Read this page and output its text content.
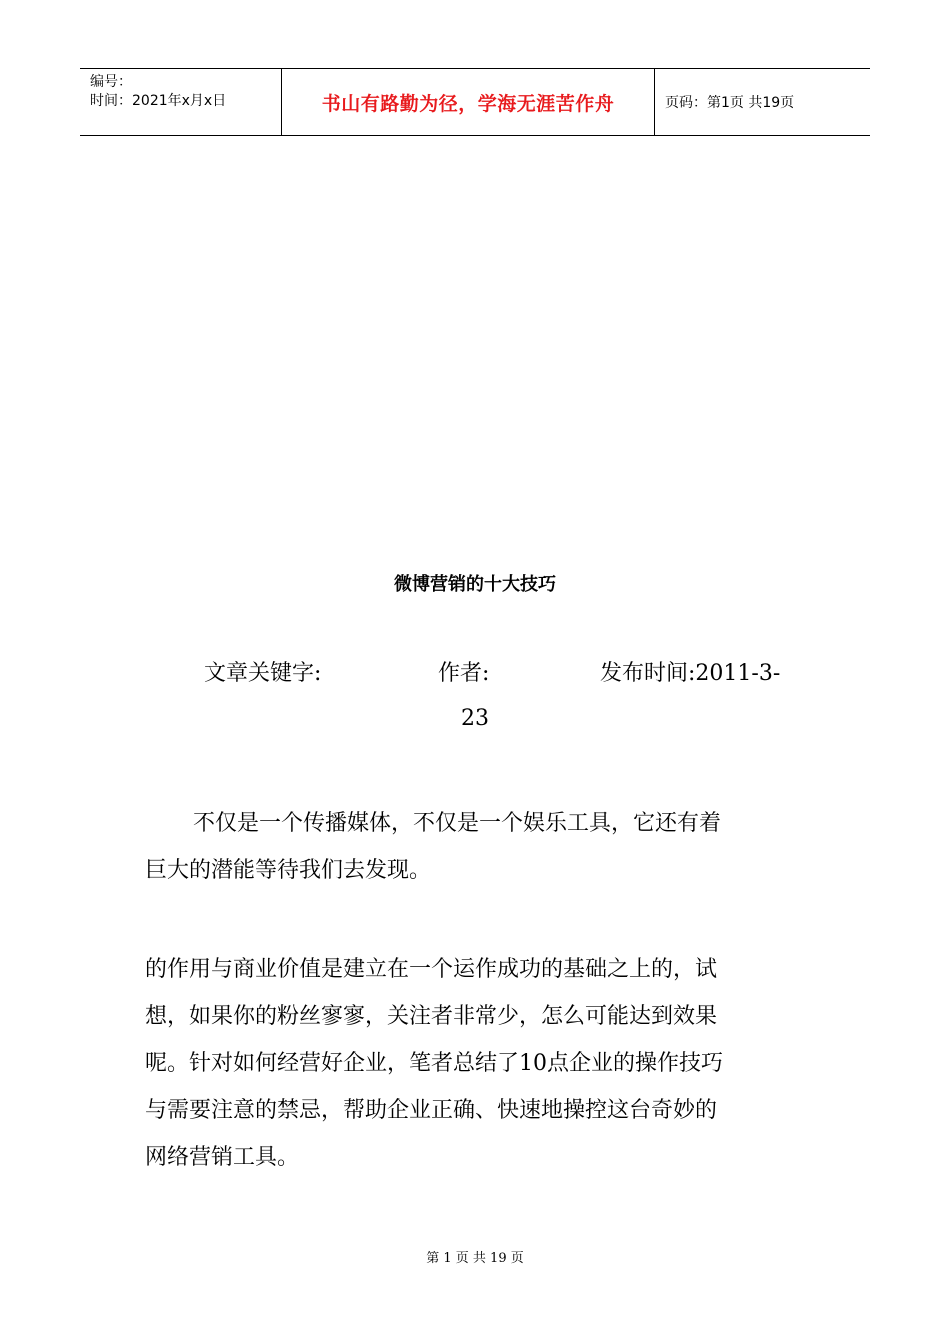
编号：
时间：2021年x月x日	书山有路勤为径，学海无涯苦作舟	页码：第1页 共19页
微博营销的十大技巧
文章关键字:	作者:	发布时间:2011-3-
23
不仅是一个传播媒体，不仅是一个娱乐工具，它还有着
巨大的潜能等待我们去发现。
的作用与商业价值是建立在一个运作成功的基础之上的，试
想，如果你的粉丝寥寥，关注者非常少，怎么可能达到效果
呢。针对如何经营好企业，笔者总结了10点企业的操作技巧
与需要注意的禁忌，帮助企业正确、快速地操控这台奇妙的
网络营销工具。
第 1 页 共 19 页
